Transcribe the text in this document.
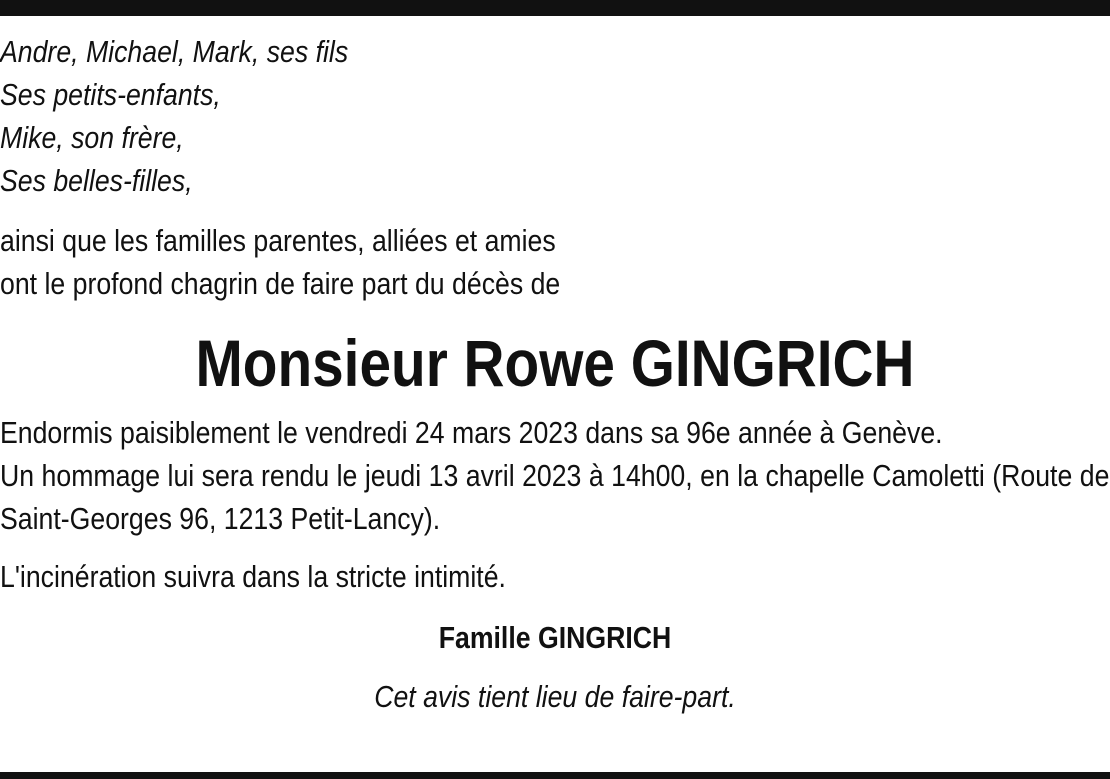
Andre, Michael, Mark, ses fils
Ses petits-enfants,
Mike, son frère,
Ses belles-filles,
ainsi que les familles parentes, alliées et amies
ont le profond chagrin de faire part du décès de
Monsieur Rowe GINGRICH
Endormis paisiblement le vendredi 24 mars 2023 dans sa 96e année à Genève.
Un hommage lui sera rendu le jeudi 13 avril 2023 à 14h00, en la chapelle Camoletti (Route de Saint-Georges 96, 1213 Petit-Lancy).
L'incinération suivra dans la stricte intimité.
Famille GINGRICH
Cet avis tient lieu de faire-part.
